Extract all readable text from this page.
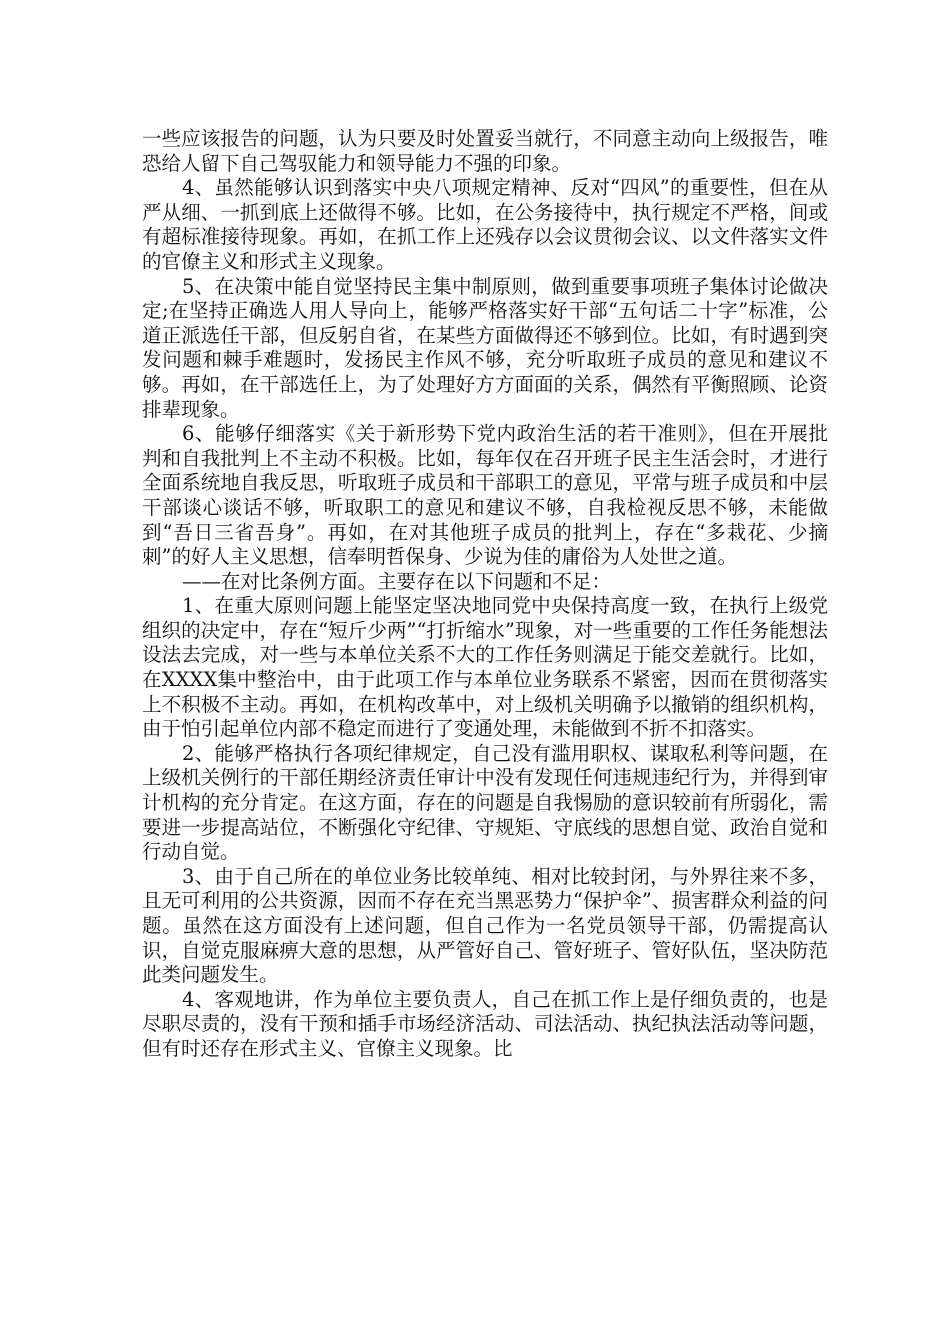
一些应该报告的问题，认为只要及时处置妥当就行，不同意主动向上级报告，唯恐给人留下自己驾驭能力和领导能力不强的印象。

4、虽然能够认识到落实中央八项规定精神、反对“四风”的重要性，但在从严从细、一抓到底上还做得不够。比如，在公务接待中，执行规定不严格，间或有超标准接待现象。再如，在抓工作上还残存以会议贯彻会议、以文件落实文件的官僚主义和形式主义现象。

5、在决策中能自觉坚持民主集中制原则，做到重要事项班子集体讨论做决定;在坚持正确选人用人导向上，能够严格落实好干部“五句话二十字”标准，公道正派选任干部，但反躬自省，在某些方面做得还不够到位。比如，有时遇到突发问题和棘手难题时，发扬民主作风不够，充分听取班子成员的意见和建议不够。再如，在干部选任上，为了处理好方方面面的关系，偶然有平衡照顾、论资排辈现象。

6、能够仔细落实《关于新形势下党内政治生活的若干准则》，但在开展批判和自我批判上不主动不积极。比如，每年仅在召开班子民主生活会时，才进行全面系统地自我反思，听取班子成员和干部职工的意见，平常与班子成员和中层干部谈心谈话不够，听取职工的意见和建议不够，自我检视反思不够，未能做到“吾日三省吾身”。再如，在对其他班子成员的批判上，存在“多栽花、少摘刺”的好人主义思想，信奉明哲保身、少说为佳的庸俗为人处世之道。

——在对比条例方面。主要存在以下问题和不足：

1、在重大原则问题上能坚定坚决地同党中央保持高度一致，在执行上级党组织的决定中，存在“短斤少两”“打折缩水”现象，对一些重要的工作任务能想法设法去完成，对一些与本单位关系不大的工作任务则满足于能交差就行。比如，在XXXX集中整治中，由于此项工作与本单位业务联系不紧密，因而在贯彻落实上不积极不主动。再如，在机构改革中，对上级机关明确予以撤销的组织机构，由于怕引起单位内部不稳定而进行了变通处理，未能做到不折不扣落实。

2、能够严格执行各项纪律规定，自己没有滥用职权、谋取私利等问题，在上级机关例行的干部任期经济责任审计中没有发现任何违规违纪行为，并得到审计机构的充分肯定。在这方面，存在的问题是自我惕励的意识较前有所弱化，需要进一步提高站位，不断强化守纪律、守规矩、守底线的思想自觉、政治自觉和行动自觉。

3、由于自己所在的单位业务比较单纯、相对比较封闭，与外界往来不多，且无可利用的公共资源，因而不存在充当黑恶势力“保护伞”、损害群众利益的问题。虽然在这方面没有上述问题，但自己作为一名党员领导干部，仍需提高认识，自觉克服麻痹大意的思想，从严管好自己、管好班子、管好队伍，坚决防范此类问题发生。

4、客观地讲，作为单位主要负责人，自己在抓工作上是仔细负责的，也是尽职尽责的，没有干预和插手市场经济活动、司法活动、执纪执法活动等问题，但有时还存在形式主义、官僚主义现象。比
